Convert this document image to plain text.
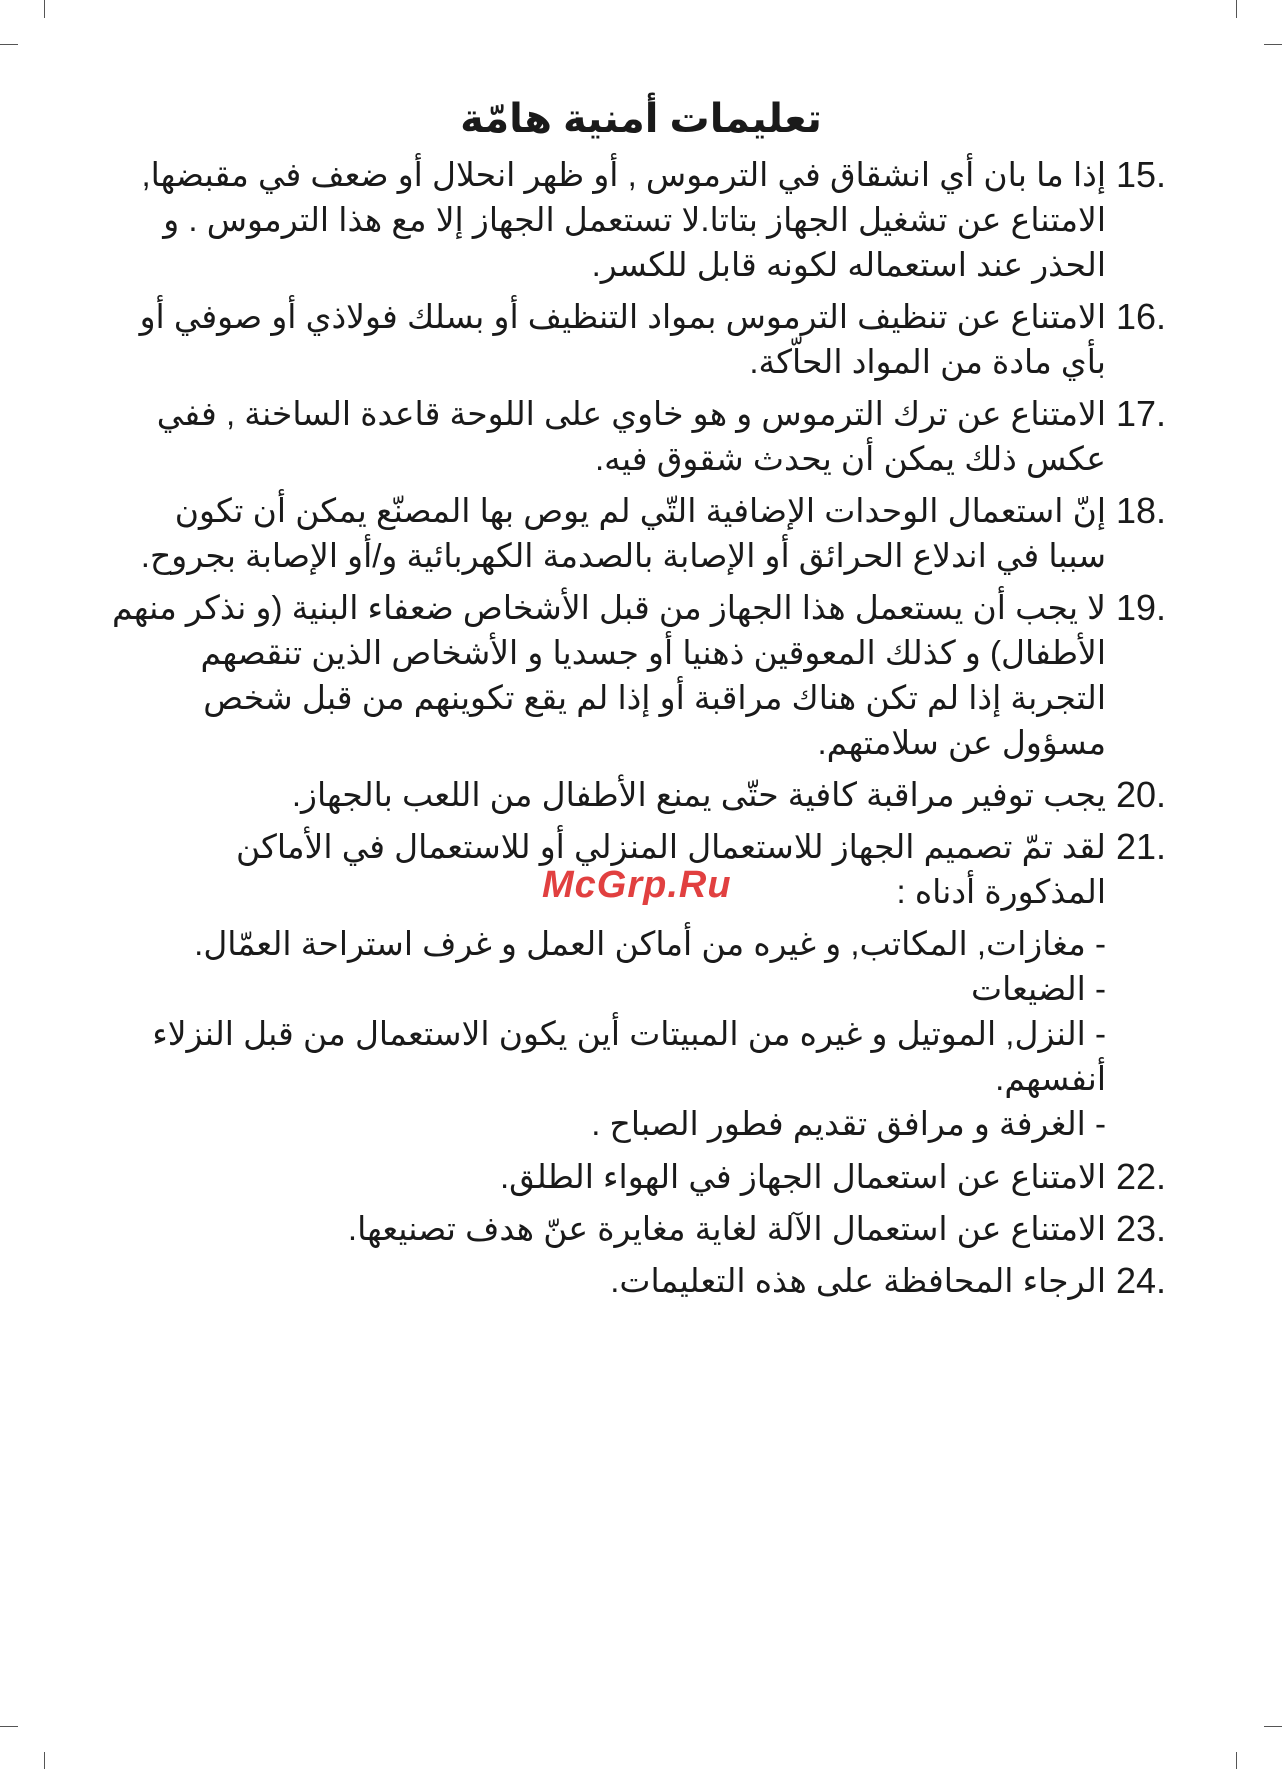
تعليمات أمنية هامّة
15.
إذا ما بان أي انشقاق في الترموس , أو ظهر انحلال أو ضعف في مقبضها, الامتناع عن تشغيل الجهاز بتاتا.لا تستعمل الجهاز إلا مع هذا الترموس . و الحذر عند استعماله لكونه قابل للكسر.
16.
الامتناع عن تنظيف الترموس بمواد التنظيف أو بسلك فولاذي أو صوفي أو بأي مادة من المواد الحاّكة.
17.
الامتناع عن ترك الترموس و هو خاوي على اللوحة قاعدة الساخنة , ففي عكس ذلك يمكن أن يحدث شقوق فيه.
18.
إنّ استعمال الوحدات الإضافية التّي لم يوص بها المصنّع يمكن أن تكون سببا في اندلاع الحرائق أو الإصابة بالصدمة الكهربائية و/أو الإصابة بجروح.
19.
لا يجب أن يستعمل هذا الجهاز من قبل الأشخاص ضعفاء البنية (و نذكر منهم الأطفال) و كذلك المعوقين ذهنيا أو جسديا و الأشخاص الذين تنقصهم التجربة إذا لم تكن هناك مراقبة أو إذا لم يقع تكوينهم من قبل شخص مسؤول عن سلامتهم.
20.
يجب توفير مراقبة كافية حتّى يمنع الأطفال من اللعب بالجهاز.
21.
لقد تمّ تصميم الجهاز للاستعمال المنزلي أو للاستعمال في الأماكن المذكورة أدناه :
- مغازات, المكاتب, و غيره من أماكن العمل و غرف استراحة العمّال.
- الضيعات
- النزل, الموتيل و غيره من المبيتات أين يكون الاستعمال من قبل النزلاء أنفسهم.
- الغرفة و مرافق تقديم فطور الصباح .
22.
الامتناع عن استعمال الجهاز في الهواء الطلق.
23.
الامتناع عن استعمال الآلة لغاية مغايرة عنّ هدف تصنيعها.
24.
الرجاء المحافظة على هذه التعليمات.
McGrp.Ru
